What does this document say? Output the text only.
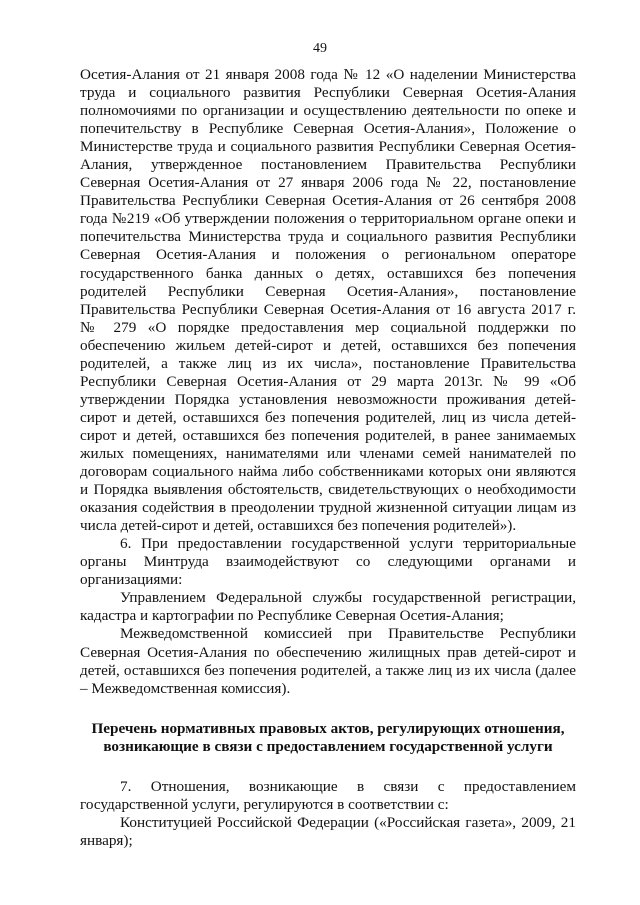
49

Осетия-Алания от 21 января 2008 года № 12 «О наделении Министерства труда и социального развития Республики Северная Осетия-Алания полномочиями по организации и осуществлению деятельности по опеке и попечительству в Республике Северная Осетия-Алания», Положение о Министерстве труда и социального развития Республики Северная Осетия-Алания, утвержденное постановлением Правительства Республики Северная Осетия-Алания от 27 января 2006 года № 22, постановление Правительства Республики Северная Осетия-Алания от 26 сентября 2008 года №219 «Об утверждении положения о территориальном органе опеки и попечительства Министерства труда и социального развития Республики Северная Осетия-Алания и положения о региональном операторе государственного банка данных о детях, оставшихся без попечения родителей Республики Северная Осетия-Алания», постановление Правительства Республики Северная Осетия-Алания от 16 августа 2017 г. № 279 «О порядке предоставления мер социальной поддержки по обеспечению жильем детей-сирот и детей, оставшихся без попечения родителей, а также лиц из их числа», постановление Правительства Республики Северная Осетия-Алания от 29 марта 2013г. № 99 «Об утверждении Порядка установления невозможности проживания детей-сирот и детей, оставшихся без попечения родителей, лиц из числа детей-сирот и детей, оставшихся без попечения родителей, в ранее занимаемых жилых помещениях, нанимателями или членами семей нанимателей по договорам социального найма либо собственниками которых они являются и Порядка выявления обстоятельств, свидетельствующих о необходимости оказания содействия в преодолении трудной жизненной ситуации лицам из числа детей-сирот и детей, оставшихся без попечения родителей»).

6. При предоставлении государственной услуги территориальные органы Минтруда взаимодействуют со следующими органами и организациями:

Управлением Федеральной службы государственной регистрации, кадастра и картографии по Республике Северная Осетия-Алания;

Межведомственной комиссией при Правительстве Республики Северная Осетия-Алания по обеспечению жилищных прав детей-сирот и детей, оставшихся без попечения родителей, а также лиц из их числа (далее – Межведомственная комиссия).

Перечень нормативных правовых актов, регулирующих отношения, возникающие в связи с предоставлением государственной услуги

7. Отношения, возникающие в связи с предоставлением государственной услуги, регулируются в соответствии с:

Конституцией Российской Федерации («Российская газета», 2009, 21 января);
